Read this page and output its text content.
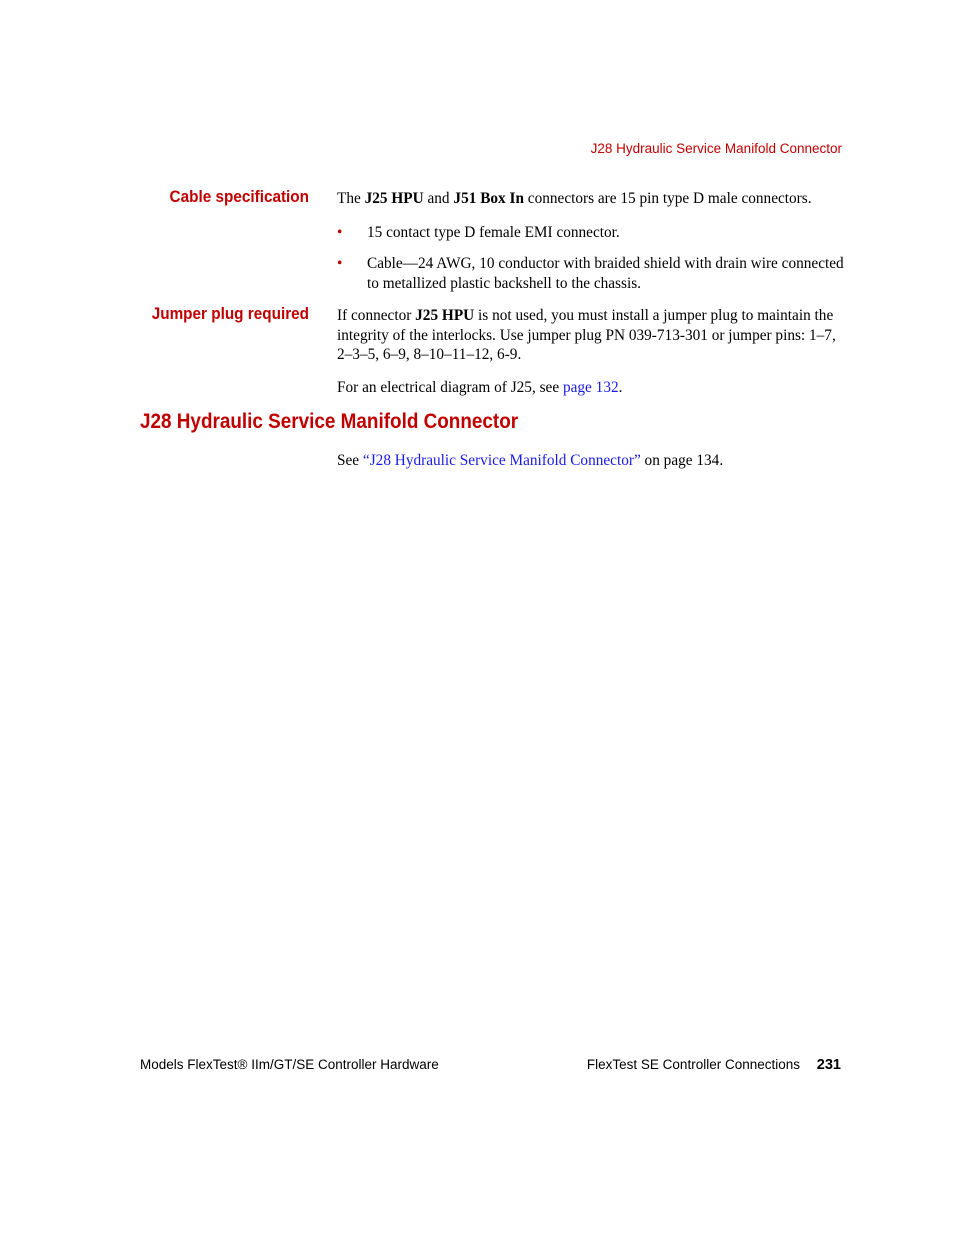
J28 Hydraulic Service Manifold Connector
Cable specification The J25 HPU and J51 Box In connectors are 15 pin type D male connectors.
• 15 contact type D female EMI connector.
• Cable—24 AWG, 10 conductor with braided shield with drain wire connected to metallized plastic backshell to the chassis.
Jumper plug required If connector J25 HPU is not used, you must install a jumper plug to maintain the integrity of the interlocks. Use jumper plug PN 039-713-301 or jumper pins: 1–7, 2–3–5, 6–9, 8–10–11–12, 6-9.
For an electrical diagram of J25, see page 132.
J28 Hydraulic Service Manifold Connector
See “J28 Hydraulic Service Manifold Connector” on page 134.
Models FlexTest® IIm/GT/SE Controller Hardware	FlexTest SE Controller Connections 231
